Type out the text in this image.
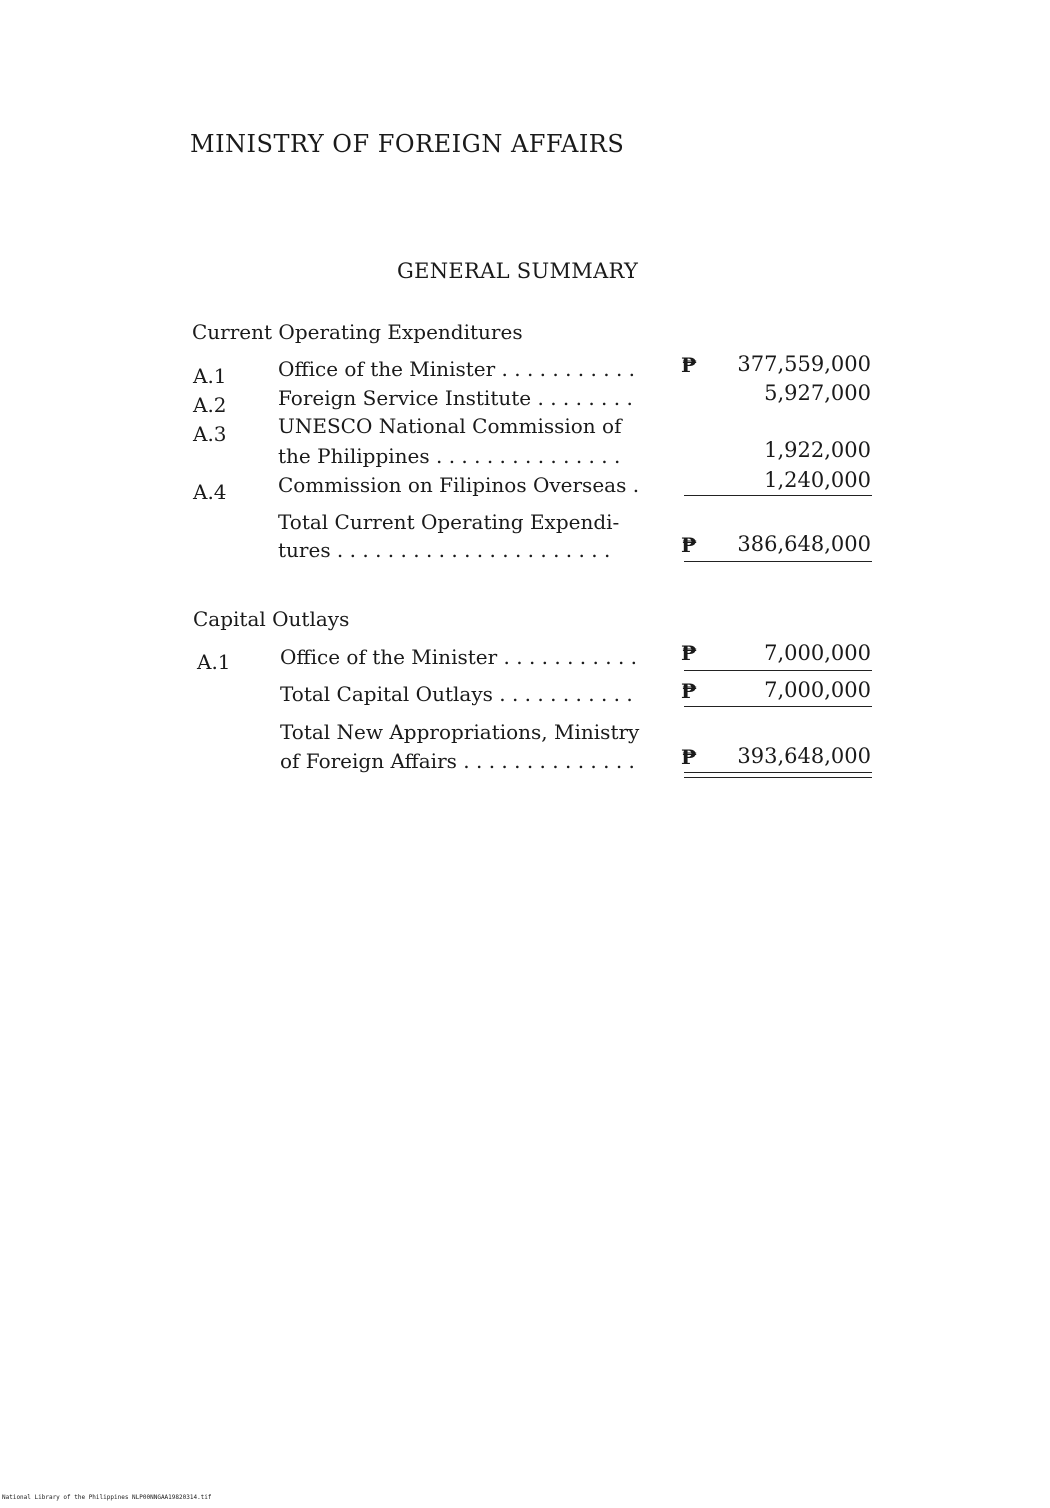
MINISTRY OF FOREIGN AFFAIRS
GENERAL SUMMARY
Current Operating Expenditures
A.1	Office of the Minister . . . . . . . . . . . ₱	377,559,000
A.2	Foreign Service Institute . . . . . . . .	5,927,000
A.3	UNESCO National Commission of
the Philippines . . . . . . . . . . . . . . .	1,922,000
A.4	Commission on Filipinos Overseas .	1,240,000
Total Current Operating Expendi-
tures . . . . . . . . . . . . . . . . . . . . . .	₱	386,648,000
Capital Outlays
A.1 Office of the Minister . . . . . . . . . . . ₱	7,000,000
Total Capital Outlays . . . . . . . . . . . ₱	7,000,000
Total New Appropriations, Ministry
of Foreign Affairs . . . . . . . . . . . . . . ₱	393,648,000
National Library of the Philippines NLP00NNGAA19820314.tif
